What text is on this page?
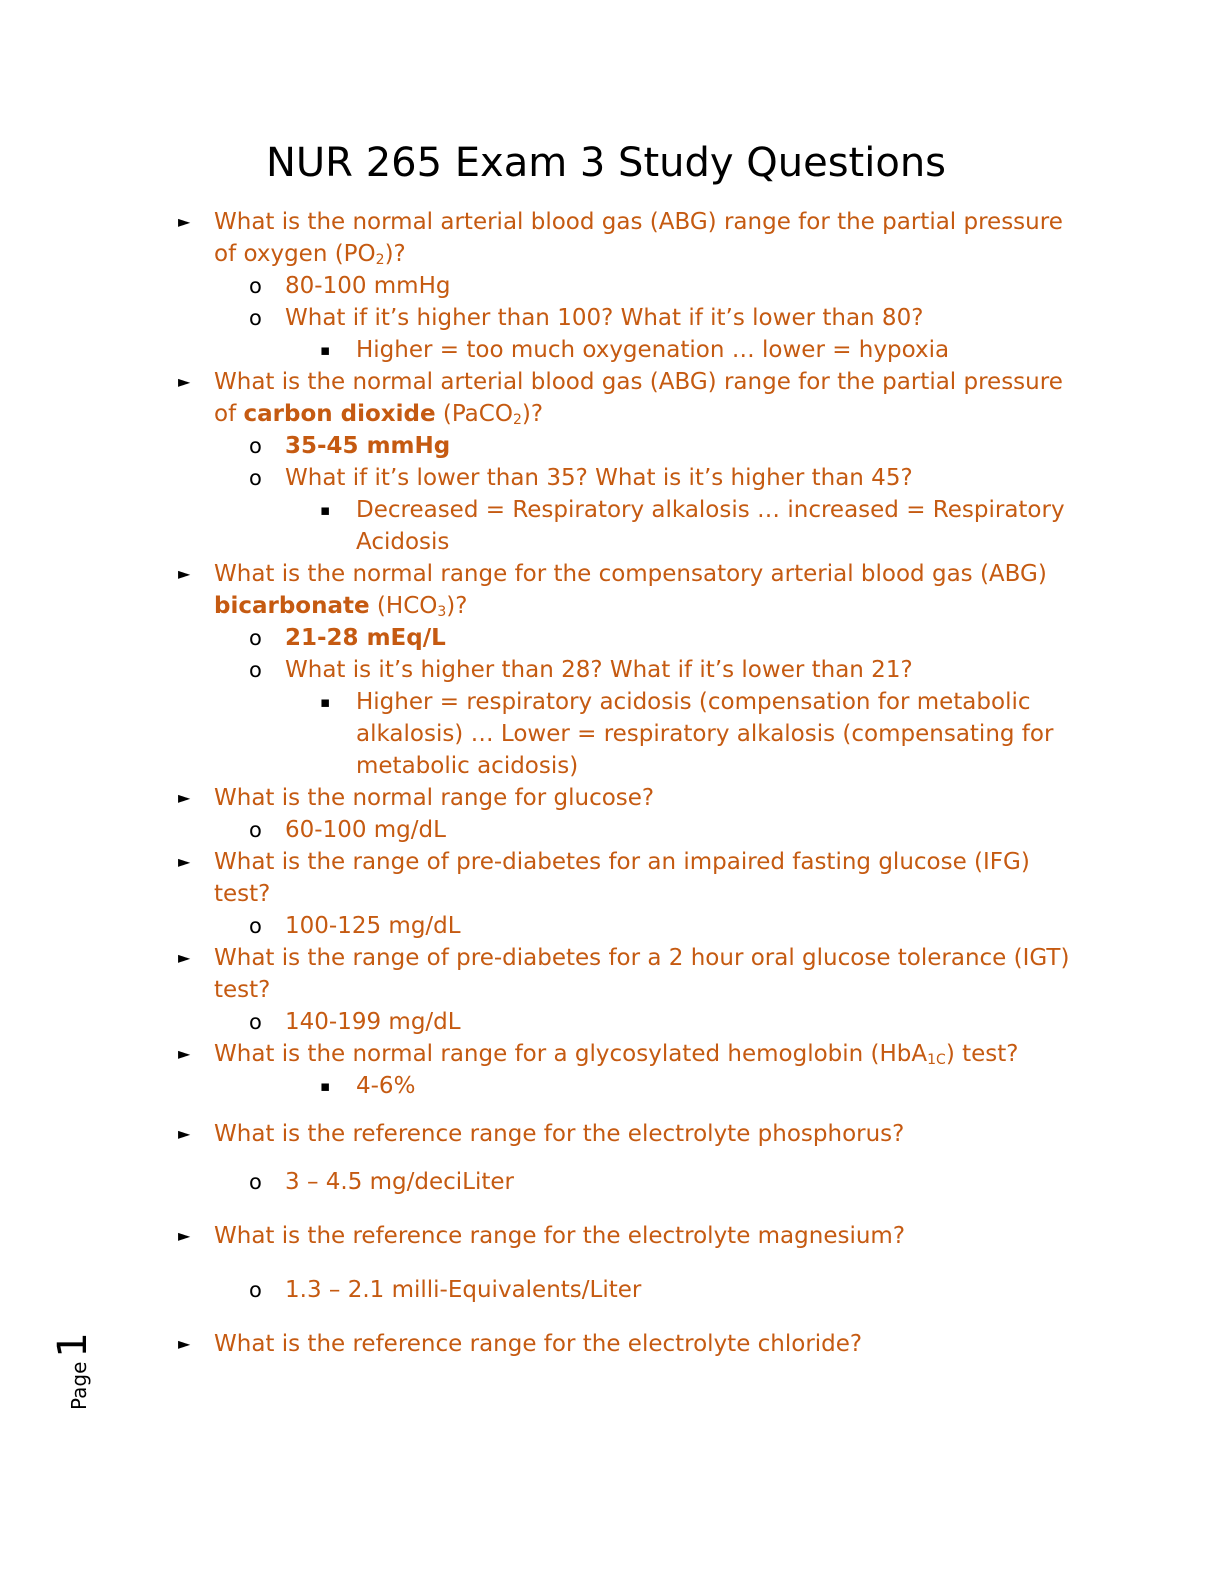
NUR 265 Exam 3 Study Questions
► What is the normal arterial blood gas (ABG) range for the partial pressure of oxygen $(PO_2)$?
o 80-100 mmHg
o What if it’s higher than 100? What if it’s lower than 80?
▪ Higher = too much oxygenation … lower = hypoxia
► What is the normal arterial blood gas (ABG) range for the partial pressure of carbon dioxide (PaCO$_2$)?
o 35-45 mmHg
o What if it’s lower than 35? What is it’s higher than 45?
▪ Decreased = Respiratory alkalosis … increased = Respiratory Acidosis
► What is the normal range for the compensatory arterial blood gas (ABG) bicarbonate $(HCO_3)$?
o 21-28 mEq/L
o What is it’s higher than 28? What if it’s lower than 21?
▪ Higher = respiratory acidosis (compensation for metabolic alkalosis) … Lower = respiratory alkalosis (compensating for metabolic acidosis)
► What is the normal range for glucose?
o 60-100 mg/dL
► What is the range of pre-diabetes for an impaired fasting glucose (IFG) test?
o 100-125 mg/dL
► What is the range of pre-diabetes for a 2 hour oral glucose tolerance (IGT) test?
o 140-199 mg/dL
► What is the normal range for a glycosylated hemoglobin (HbA$_{1C}$) test?
▪ 4-6%
► What is the reference range for the electrolyte phosphorus?
o 3 – 4.5 mg/deciLiter
► What is the reference range for the electrolyte magnesium?
o 1.3 – 2.1 milli-Equivalents/Liter
► What is the reference range for the electrolyte chloride?
Page1
